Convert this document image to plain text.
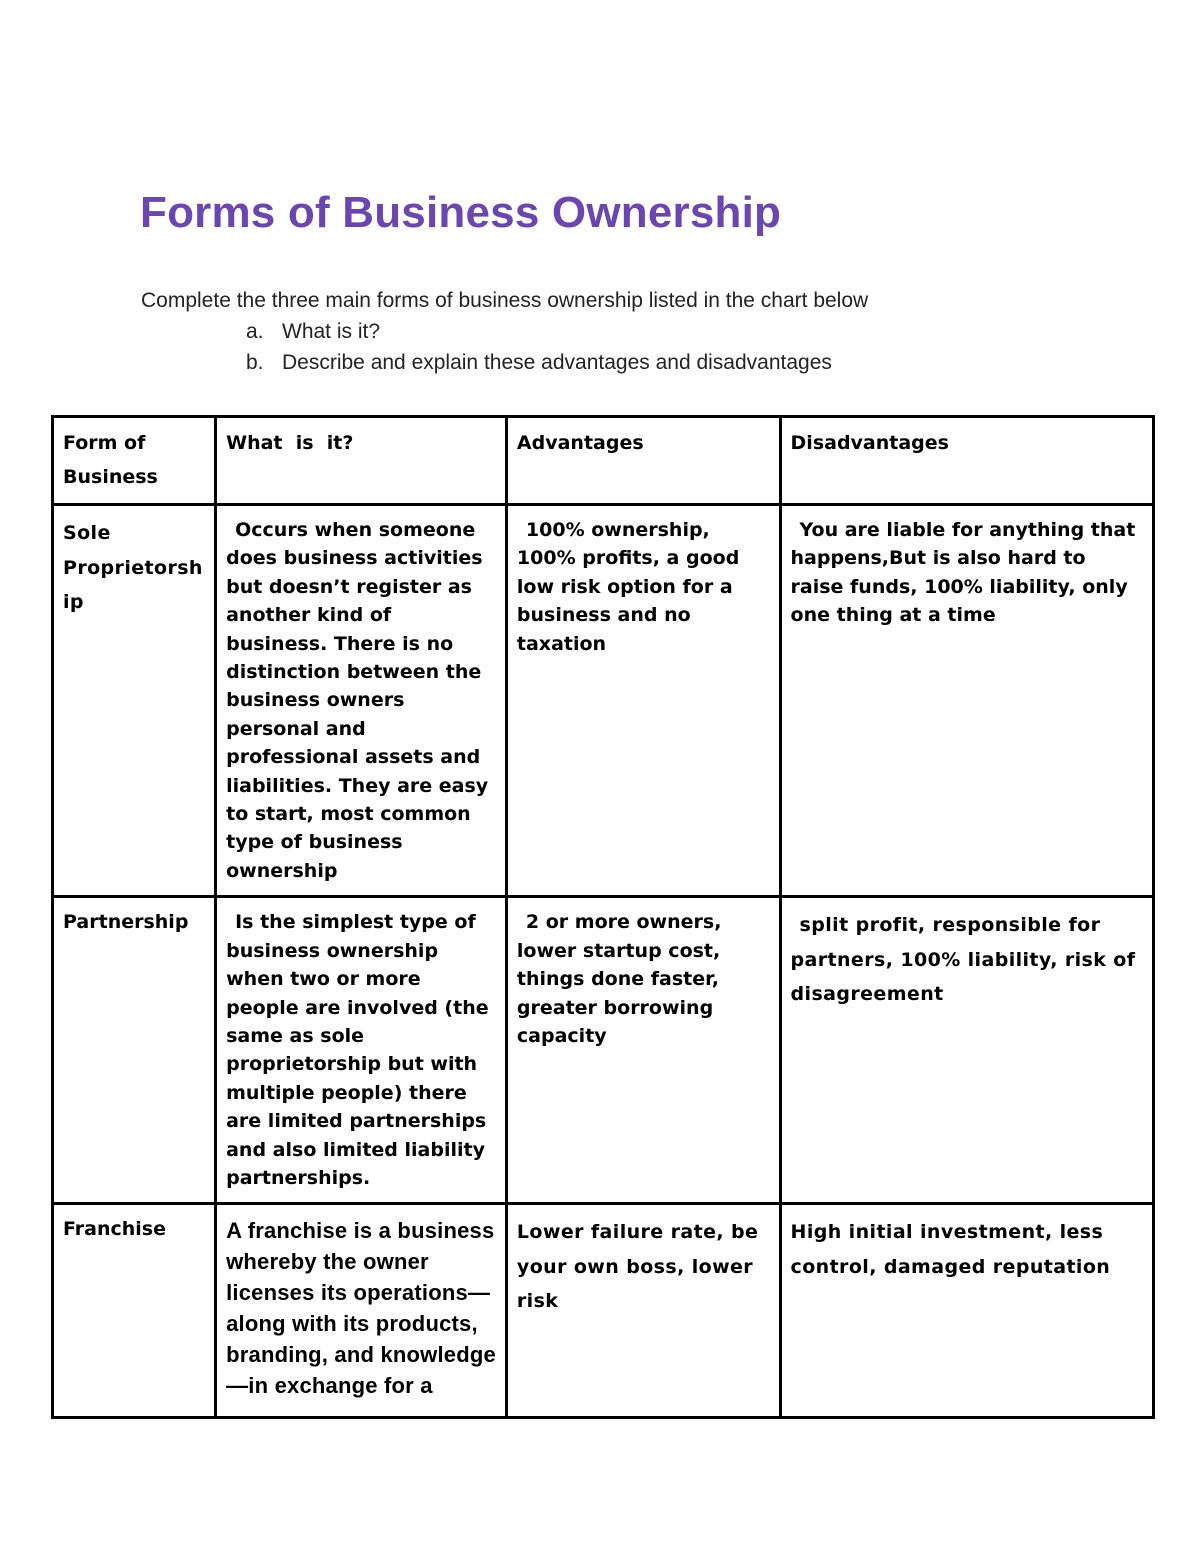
Forms of Business Ownership

Complete the three main forms of business ownership listed in the chart below

a. What is it?
b. Describe and explain these advantages and disadvantages
Form of Business	What  is  it?	Advantages	Disadvantages

Sole Proprietorship	Occurs when someone does business activities but doesn’t register as another kind of business. There is no distinction between the business owners personal and professional assets and liabilities. They are easy to start, most common type of business ownership	100% ownership, 100% profits, a good low risk option for a business and no taxation	You are liable for anything that happens,But is also hard to raise funds, 100% liability, only one thing at a time

Partnership	Is the simplest type of business ownership when two or more people are involved (the same as sole proprietorship but with multiple people) there are limited partnerships and also limited liability partnerships.	2 or more owners, lower startup cost, things done faster, greater borrowing capacity	split profit, responsible for partners, 100% liability, risk of disagreement

Franchise	A franchise is a business whereby the owner licenses its operations—along with its products, branding, and knowledge—in exchange for a	Lower failure rate, be your own boss, lower risk	High initial investment, less control, damaged reputation
